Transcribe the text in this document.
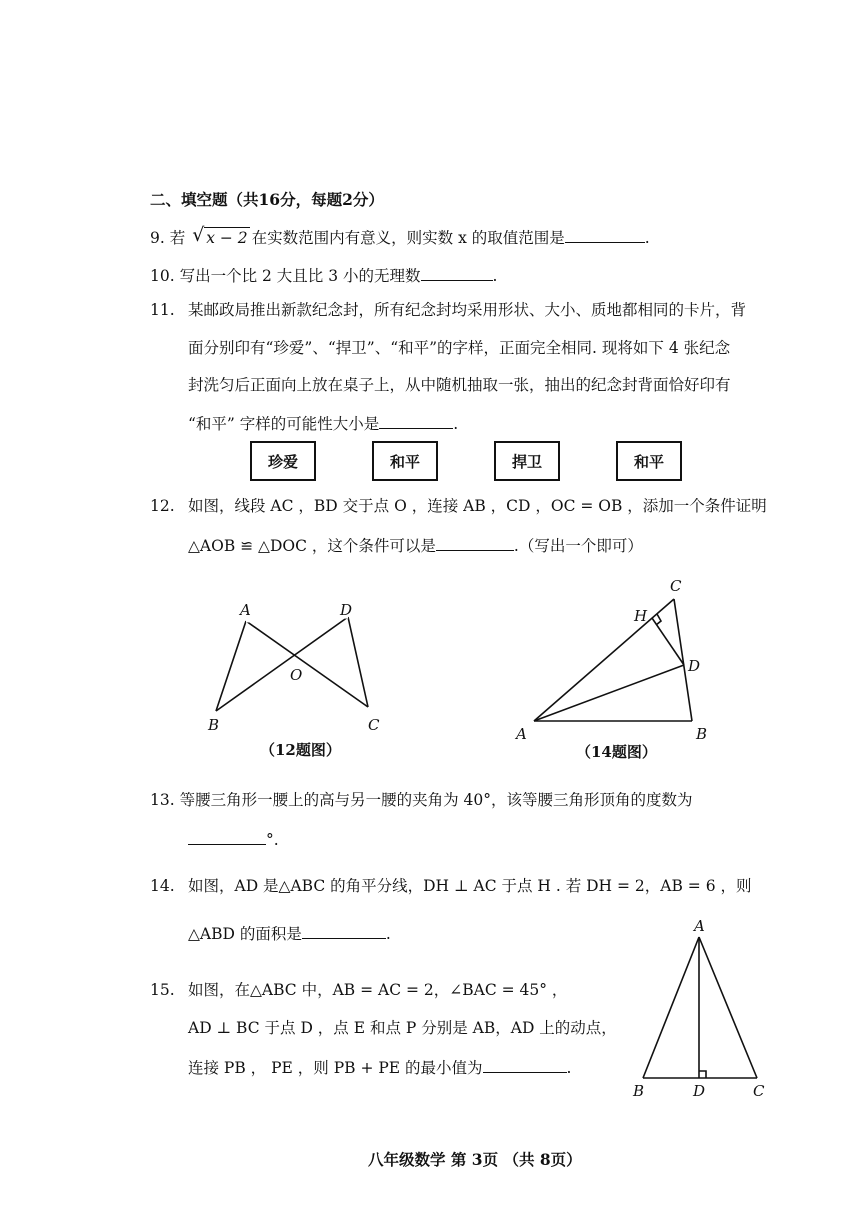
二、填空题（共16分，每题2分）
9. 若 √ x − 2 在实数范围内有意义，则实数 x 的取值范围是	.
10. 写出一个比 2 大且比 3 小的无理数	.
11. 某邮政局推出新款纪念封，所有纪念封均采用形状、大小、质地都相同的卡片，背
面分别印有“珍爱”、“捍卫”、“和平”的字样，正面完全相同. 现将如下 4 张纪念
封洗匀后正面向上放在桌子上，从中随机抽取一张，抽出的纪念封背面恰好印有
“和平” 字样的可能性大小是	.
珍爱	和平	捍卫	和平
12. 如图，线段 AC ，BD 交于点 O ，连接 AB ，CD ，OC = OB ，添加一个条件证明
△AOB ≌ △DOC ，这个条件可以是	.（写出一个即可）
A	D
O
B	C
（12题图）
C
H
D
A	B
（14题图）
13. 等腰三角形一腰上的高与另一腰的夹角为 40°，该等腰三角形顶角的度数为
°.
14. 如图，AD 是△ABC 的角平分线，DH ⊥ AC 于点 H . 若 DH = 2，AB = 6 ，则
△ABD 的面积是	.
15. 如图，在△ABC 中，AB = AC = 2，∠BAC = 45° ，
AD ⊥ BC 于点 D ，点 E 和点 P 分别是 AB，AD 上的动点，
连接 PB ， PE ，则 PB + PE 的最小值为	.
A
B	D	C
八年级数学 第 3页 （共 8页）
